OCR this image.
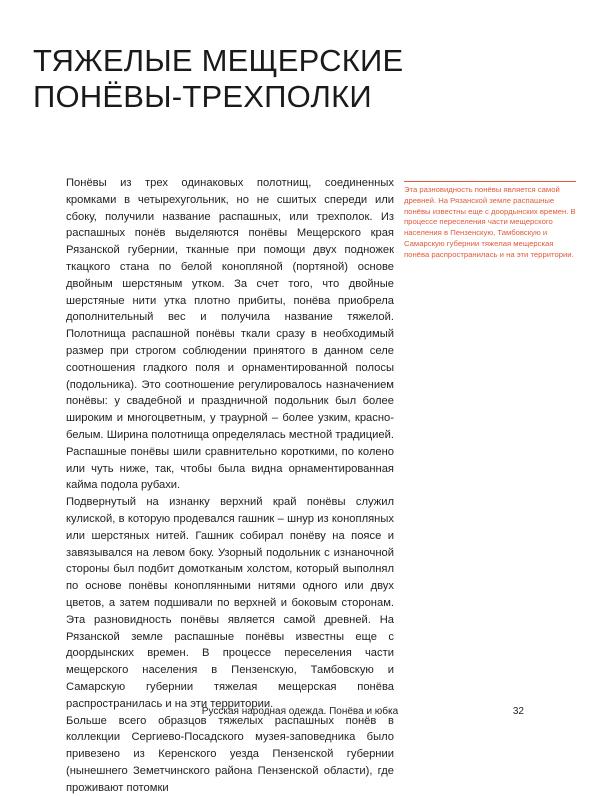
ТЯЖЕЛЫЕ МЕЩЕРСКИЕ
ПОНЁВЫ-ТРЕХПОЛКИ

Понёвы из трех одинаковых полотнищ, соединенных кромками в четырехугольник, но не сшитых спереди или сбоку, получили название распашных, или трехполок. Из распашных понёв выделяются понёвы Мещерского края Рязанской губернии, тканные при помощи двух подножек ткацкого стана по белой конопляной (портяной) основе двойным шерстяным утком. За счет того, что двойные шерстяные нити утка плотно прибиты, понёва приобрела дополнительный вес и получила название тяжелой. Полотнища распашной понёвы ткали сразу в необходимый размер при строгом соблюдении принятого в данном селе соотношения гладкого поля и орнаментированной полосы (подольника). Это соотношение регулировалось назначением понёвы: у свадебной и праздничной подольник был более широким и многоцветным, у траурной – более узким, красно-белым. Ширина полотнища определялась местной традицией. Распашные понёвы шили сравнительно короткими, по колено или чуть ниже, так, чтобы была видна орнаментированная кайма подола рубахи.

Подвернутый на изнанку верхний край понёвы служил кулиской, в которую продевался гашник – шнур из конопляных или шерстяных нитей. Гашник собирал понёву на поясе и завязывался на левом боку. Узорный подольник с изнаночной стороны был подбит домотканым холстом, который выполнял по основе понёвы коноплянными нитями одного или двух цветов, а затем подшивали по верхней и боковым сторонам. Эта разновидность понёвы является самой древней. На Рязанской земле распашные понёвы известны еще с доордынских времен. В процессе переселения части мещерского населения в Пензенскую, Тамбовскую и Самарскую губернии тяжелая мещерская понёва распространилась и на эти территории.

Больше всего образцов тяжелых распашных понёв в коллекции Сергиево-Посадского музея-заповедника было привезено из Керенского уезда Пензенской губернии (нынешнего Земетчинского района Пензенской области), где проживают потомки

Эта разновидность понёвы является самой древней. На Рязанской земле распашные понёвы известны еще с доордынских времен. В процессе переселения части мещерского населения в Пензенскую, Тамбовскую и Самарскую губернии тяжелая мещерская понёва распространилась и на эти территории.
Русская народная одежда. Понёва и юбка	32
